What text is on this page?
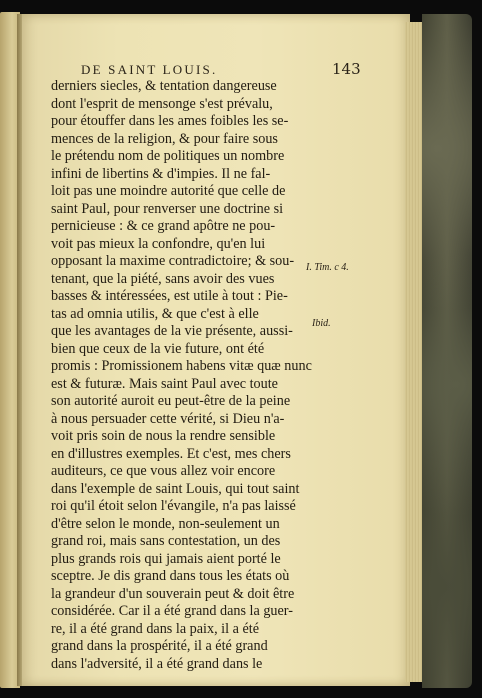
DE SAINT LOUIS.	143
derniers siecles, & tentation dangereuse
dont l'esprit de mensonge s'est prévalu,
pour étouffer dans les ames foibles les se-
mences de la religion, & pour faire sous
le prétendu nom de politiques un nombre
infini de libertins & d'impies. Il ne fal-
loit pas une moindre autorité que celle de
saint Paul, pour renverser une doctrine si
pernicieuse : & ce grand apôtre ne pou-
voit pas mieux la confondre, qu'en lui
opposant la maxime contradictoire; & sou-
tenant, que la piété, sans avoir des vues
basses & intéressées, est utile à tout : Pie-
tas ad omnia utilis, & que c'est à elle
que les avantages de la vie présente, aussi-
bien que ceux de la vie future, ont été
promis : Promissionem habens vitæ quæ nunc
est & futuræ. Mais saint Paul avec toute
son autorité auroit eu peut-être de la peine
à nous persuader cette vérité, si Dieu n'a-
voit pris soin de nous la rendre sensible
en d'illustres exemples. Et c'est, mes chers
auditeurs, ce que vous allez voir encore
dans l'exemple de saint Louis, qui tout saint
roi qu'il étoit selon l'évangile, n'a pas laissé
d'être selon le monde, non-seulement un
grand roi, mais sans contestation, un des
plus grands rois qui jamais aient porté le
sceptre. Je dis grand dans tous les états où
la grandeur d'un souverain peut & doit être
considérée. Car il a été grand dans la guer-
re, il a été grand dans la paix, il a été
grand dans la prospérité, il a été grand
dans l'adversité, il a été grand dans le
I. Tim. c 4.
Ibid.
